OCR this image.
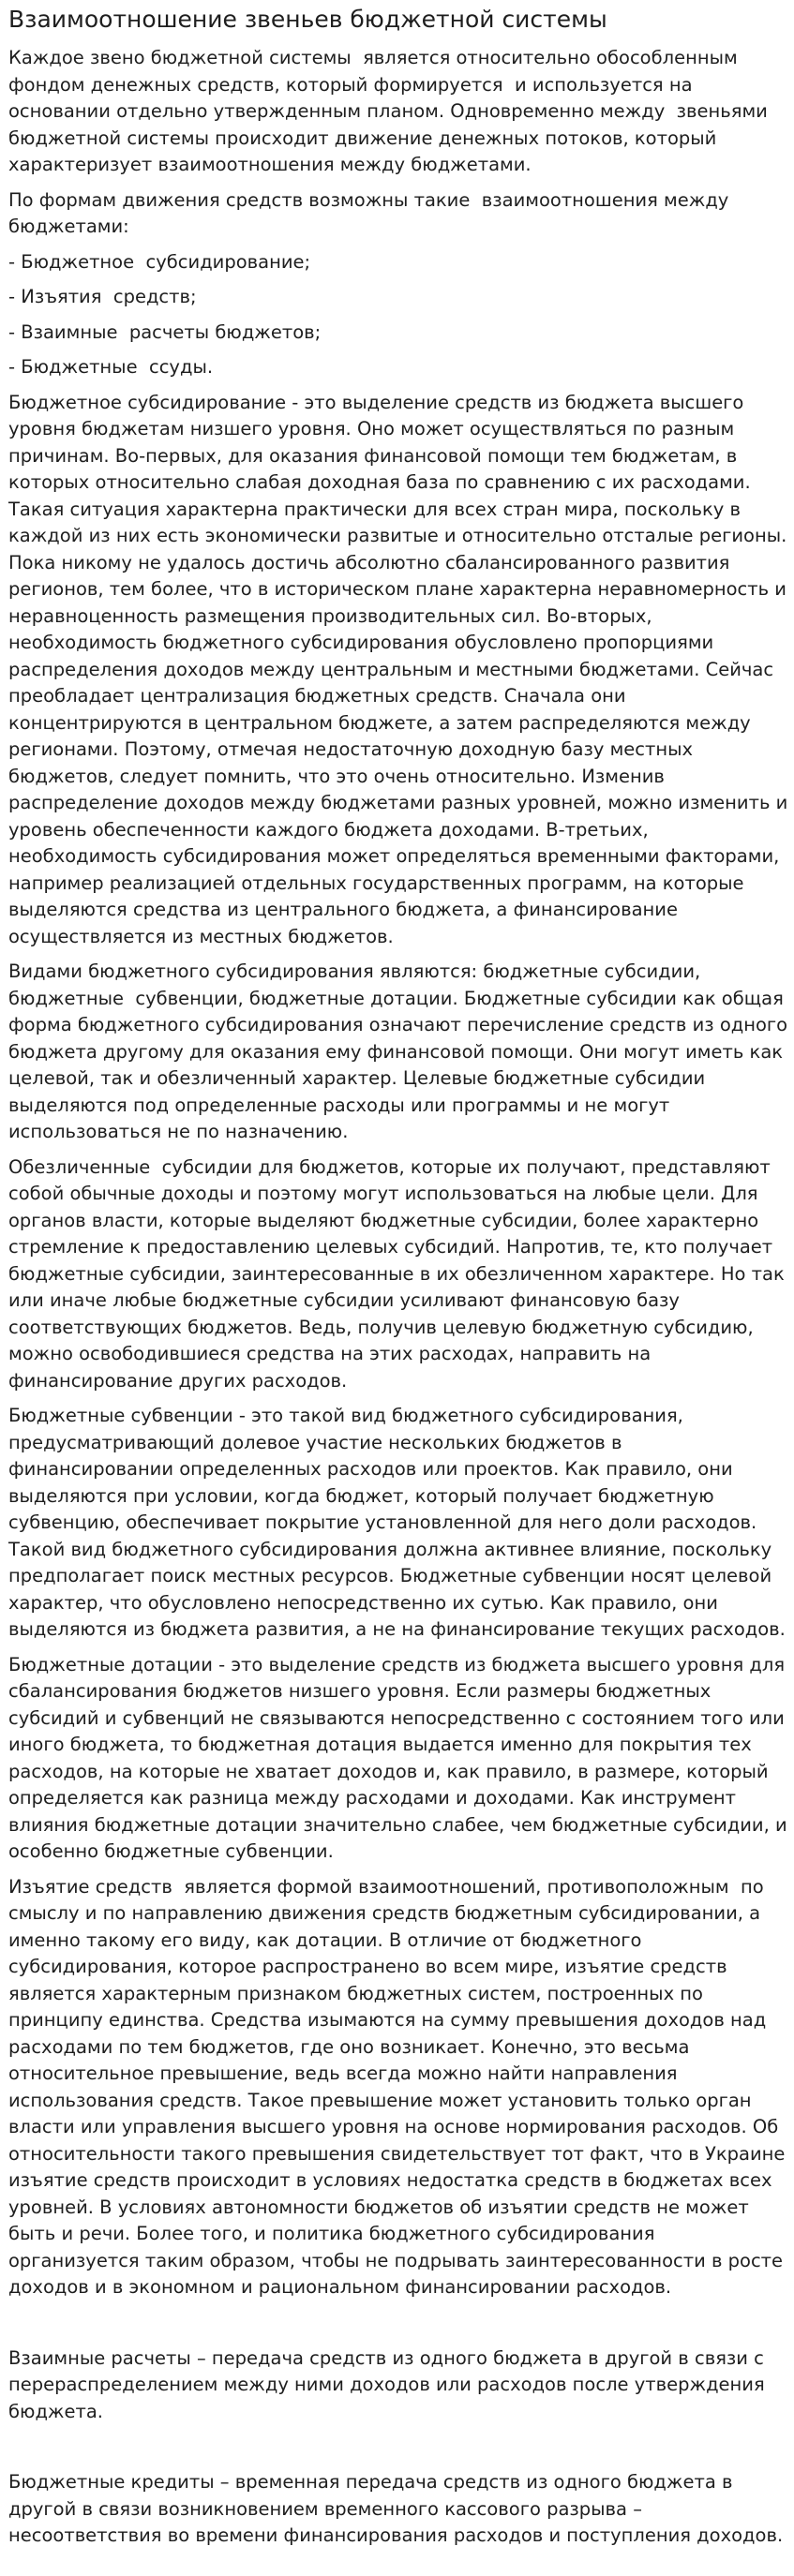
Взаимоотношение звеньев бюджетной системы

Каждое звено бюджетной системы  является относительно обособленным фондом денежных средств, который формируется  и используется на основании отдельно утвержденным планом. Одновременно между  звеньями бюджетной системы происходит движение денежных потоков, который характеризует взаимоотношения между бюджетами.

По формам движения средств возможны такие  взаимоотношения между бюджетами:

- Бюджетное  субсидирование;
- Изъятия  средств;
- Взаимные  расчеты бюджетов;
- Бюджетные  ссуды.

Бюджетное субсидирование - это выделение средств из бюджета высшего уровня бюджетам низшего уровня. Оно может осуществляться по разным причинам. Во-первых, для оказания финансовой помощи тем бюджетам, в которых относительно слабая доходная база по сравнению с их расходами. Такая ситуация характерна практически для всех стран мира, поскольку в каждой из них есть экономически развитые и относительно отсталые регионы. Пока никому не удалось достичь абсолютно сбалансированного развития регионов, тем более, что в историческом плане характерна неравномерность и неравноценность размещения производительных сил. Во-вторых, необходимость бюджетного субсидирования обусловлено пропорциями распределения доходов между центральным и местными бюджетами. Сейчас преобладает централизация бюджетных средств. Сначала они концентрируются в центральном бюджете, а затем распределяются между регионами. Поэтому, отмечая недостаточную доходную базу местных бюджетов, следует помнить, что это очень относительно. Изменив распределение доходов между бюджетами разных уровней, можно изменить и уровень обеспеченности каждого бюджета доходами. В-третьих, необходимость субсидирования может определяться временными факторами, например реализацией отдельных государственных программ, на которые выделяются средства из центрального бюджета, а финансирование осуществляется из местных бюджетов.

Видами бюджетного субсидирования являются: бюджетные субсидии, бюджетные  субвенции, бюджетные дотации. Бюджетные субсидии как общая форма бюджетного субсидирования означают перечисление средств из одного бюджета другому для оказания ему финансовой помощи. Они могут иметь как целевой, так и обезличенный характер. Целевые бюджетные субсидии выделяются под определенные расходы или программы и не могут использоваться не по назначению.

Обезличенные  субсидии для бюджетов, которые их получают, представляют собой обычные доходы и поэтому могут использоваться на любые цели. Для органов власти, которые выделяют бюджетные субсидии, более характерно стремление к предоставлению целевых субсидий. Напротив, те, кто получает бюджетные субсидии, заинтересованные в их обезличенном характере. Но так или иначе любые бюджетные субсидии усиливают финансовую базу соответствующих бюджетов. Ведь, получив целевую бюджетную субсидию, можно освободившиеся средства на этих расходах, направить на финансирование других расходов.

Бюджетные субвенции - это такой вид бюджетного субсидирования, предусматривающий долевое участие нескольких бюджетов в финансировании определенных расходов или проектов. Как правило, они выделяются при условии, когда бюджет, который получает бюджетную субвенцию, обеспечивает покрытие установленной для него доли расходов. Такой вид бюджетного субсидирования должна активнее влияние, поскольку предполагает поиск местных ресурсов. Бюджетные субвенции носят целевой характер, что обусловлено непосредственно их сутью. Как правило, они выделяются из бюджета развития, а не на финансирование текущих расходов.

Бюджетные дотации - это выделение средств из бюджета высшего уровня для сбалансирования бюджетов низшего уровня. Если размеры бюджетных субсидий и субвенций не связываются непосредственно с состоянием того или иного бюджета, то бюджетная дотация выдается именно для покрытия тех расходов, на которые не хватает доходов и, как правило, в размере, который определяется как разница между расходами и доходами. Как инструмент влияния бюджетные дотации значительно слабее, чем бюджетные субсидии, и особенно бюджетные субвенции.

Изъятие средств  является формой взаимоотношений, противоположным  по смыслу и по направлению движения средств бюджетным субсидировании, а именно такому его виду, как дотации. В отличие от бюджетного субсидирования, которое распространено во всем мире, изъятие средств является характерным признаком бюджетных систем, построенных по принципу единства. Средства изымаются на сумму превышения доходов над расходами по тем бюджетов, где оно возникает. Конечно, это весьма относительное превышение, ведь всегда можно найти направления использования средств. Такое превышение может установить только орган власти или управления высшего уровня на основе нормирования расходов. Об относительности такого превышения свидетельствует тот факт, что в Украине изъятие средств происходит в условиях недостатка средств в бюджетах всех уровней. В условиях автономности бюджетов об изъятии средств не может быть и речи. Более того, и политика бюджетного субсидирования организуется таким образом, чтобы не подрывать заинтересованности в росте доходов и в экономном и рациональном финансировании расходов.

Взаимные расчеты – передача средств из одного бюджета в другой в связи с перераспределением между ними доходов или расходов после утверждения бюджета.

Бюджетные кредиты – временная передача средств из одного бюджета в другой в связи возникновением временного кассового разрыва – несоответствия во времени финансирования расходов и поступления доходов.
